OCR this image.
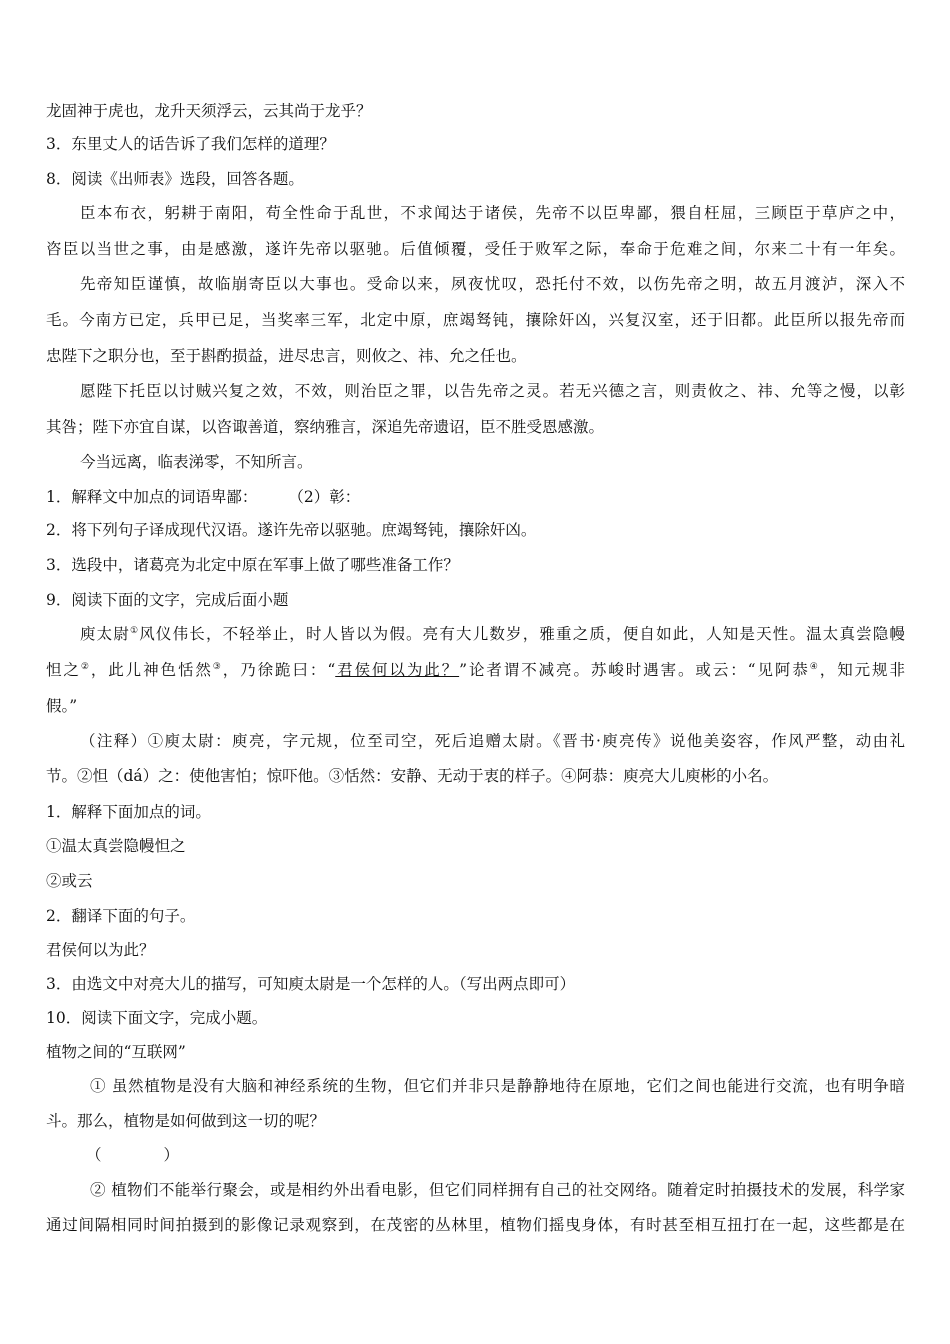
龙固神于虎也，龙升天须浮云，云其尚于龙乎？
3．东里丈人的话告诉了我们怎样的道理？
8．阅读《出师表》选段，回答各题。
臣本布衣，躬耕于南阳，苟全性命于乱世，不求闻达于诸侯，先帝不以臣卑鄙，猥自枉屈，三顾臣于草庐之中，
咨臣以当世之事，由是感激，遂许先帝以驱驰。后值倾覆，受任于败军之际，奉命于危难之间，尔来二十有一年矣。
先帝知臣谨慎，故临崩寄臣以大事也。受命以来，夙夜忧叹，恐托付不效，以伤先帝之明，故五月渡泸，深入不
毛。今南方已定，兵甲已足，当奖率三军，北定中原，庶竭驽钝，攘除奸凶，兴复汉室，还于旧都。此臣所以报先帝而
忠陛下之职分也，至于斟酌损益，进尽忠言，则攸之、祎、允之任也。
愿陛下托臣以讨贼兴复之效，不效，则治臣之罪，以告先帝之灵。若无兴德之言，则责攸之、祎、允等之慢，以彰
其咎；陛下亦宜自谋，以咨诹善道，察纳雅言，深追先帝遗诏，臣不胜受恩感激。
今当远离，临表涕零，不知所言。
1．解释文中加点的词语卑鄙：　　　（2）彰：
2．将下列句子译成现代汉语。遂许先帝以驱驰。庶竭驽钝，攘除奸凶。
3．选段中，诸葛亮为北定中原在军事上做了哪些准备工作？
9．阅读下面的文字，完成后面小题
庾太尉①风仪伟长，不轻举止，时人皆以为假。亮有大儿数岁，雅重之质，便自如此，人知是天性。温太真尝隐幔
怛之②，此儿神色恬然③，乃徐跪曰：“君侯何以为此？”论者谓不减亮。苏峻时遇害。或云：“见阿恭④，知元规非
假。”
（注释）①庾太尉：庾亮，字元规，位至司空，死后追赠太尉。《晋书·庾亮传》说他美姿容，作风严整，动由礼
节。②怛（dá）之：使他害怕；惊吓他。③恬然：安静、无动于衷的样子。④阿恭：庾亮大儿庾彬的小名。
1．解释下面加点的词。
①温太真尝隐幔怛之
②或云
2．翻译下面的句子。
君侯何以为此？
3．由选文中对亮大儿的描写，可知庾太尉是一个怎样的人。（写出两点即可）
10．阅读下面文字，完成小题。
植物之间的“互联网”
① 虽然植物是没有大脑和神经系统的生物，但它们并非只是静静地待在原地，它们之间也能进行交流，也有明争暗
斗。那么，植物是如何做到这一切的呢？
（　　　　）
② 植物们不能举行聚会，或是相约外出看电影，但它们同样拥有自己的社交网络。随着定时拍摄技术的发展，科学家
通过间隔相同时间拍摄到的影像记录观察到，在茂密的丛林里，植物们摇曳身体，有时甚至相互扭打在一起，这些都是在
